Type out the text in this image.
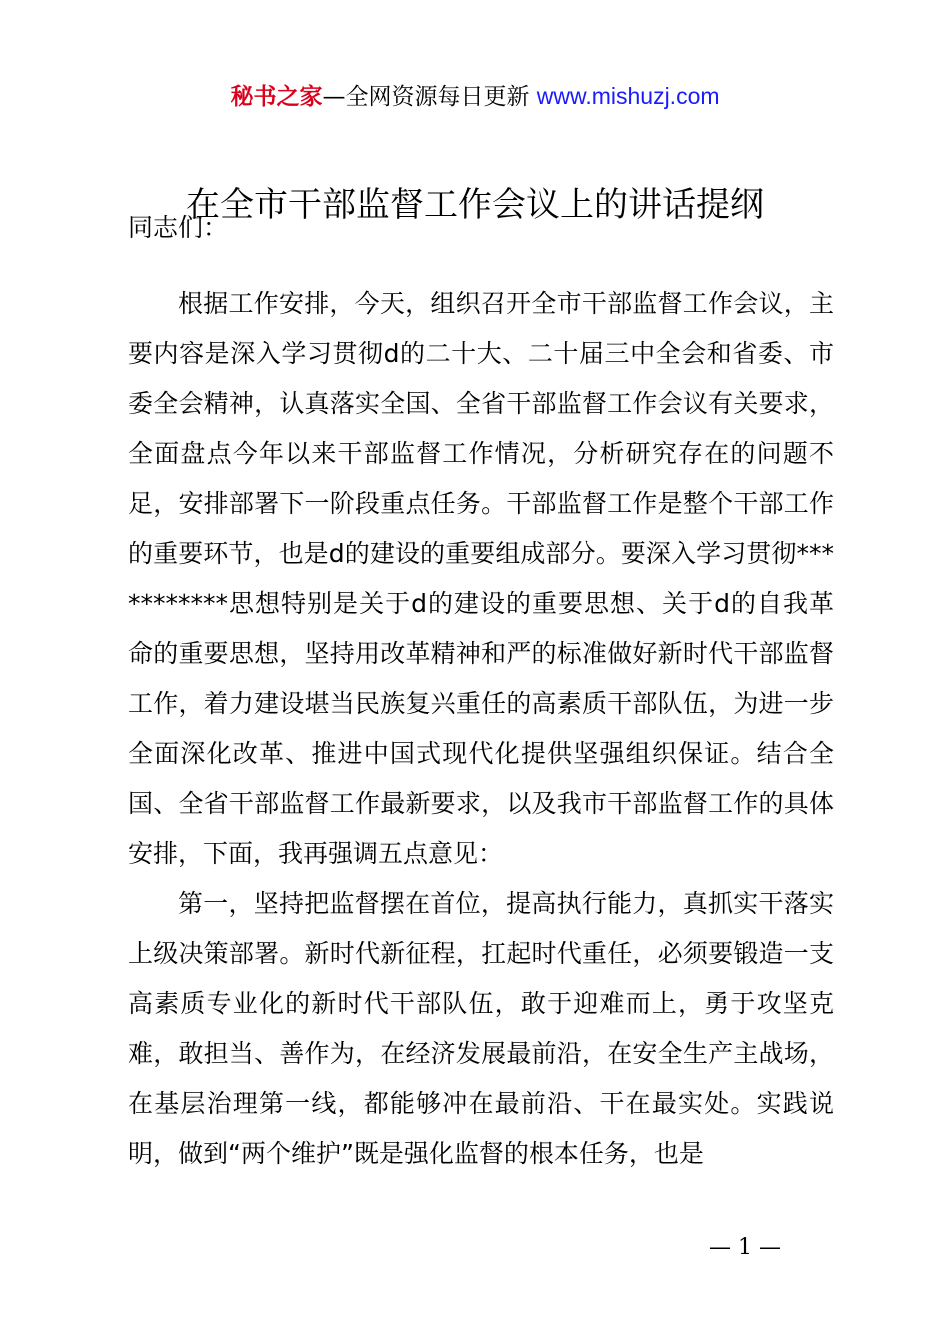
秘书之家—全网资源每日更新 www.mishuzj.com
在全市干部监督工作会议上的讲话提纲
同志们：

根据工作安排，今天，组织召开全市干部监督工作会议，主要内容是深入学习贯彻d的二十大、二十届三中全会和省委、市委全会精神，认真落实全国、全省干部监督工作会议有关要求，全面盘点今年以来干部监督工作情况，分析研究存在的问题不足，安排部署下一阶段重点任务。干部监督工作是整个干部工作的重要环节，也是d的建设的重要组成部分。要深入学习贯彻***********思想特别是关于d的建设的重要思想、关于d的自我革命的重要思想，坚持用改革精神和严的标准做好新时代干部监督工作，着力建设堪当民族复兴重任的高素质干部队伍，为进一步全面深化改革、推进中国式现代化提供坚强组织保证。结合全国、全省干部监督工作最新要求，以及我市干部监督工作的具体安排，下面，我再强调五点意见：

第一，坚持把监督摆在首位，提高执行能力，真抓实干落实上级决策部署。新时代新征程，扛起时代重任，必须要锻造一支高素质专业化的新时代干部队伍，敢于迎难而上，勇于攻坚克难，敢担当、善作为，在经济发展最前沿，在安全生产主战场，在基层治理第一线，都能够冲在最前沿、干在最实处。实践说明，做到“两个维护”既是强化监督的根本任务，也是

— 1 —
